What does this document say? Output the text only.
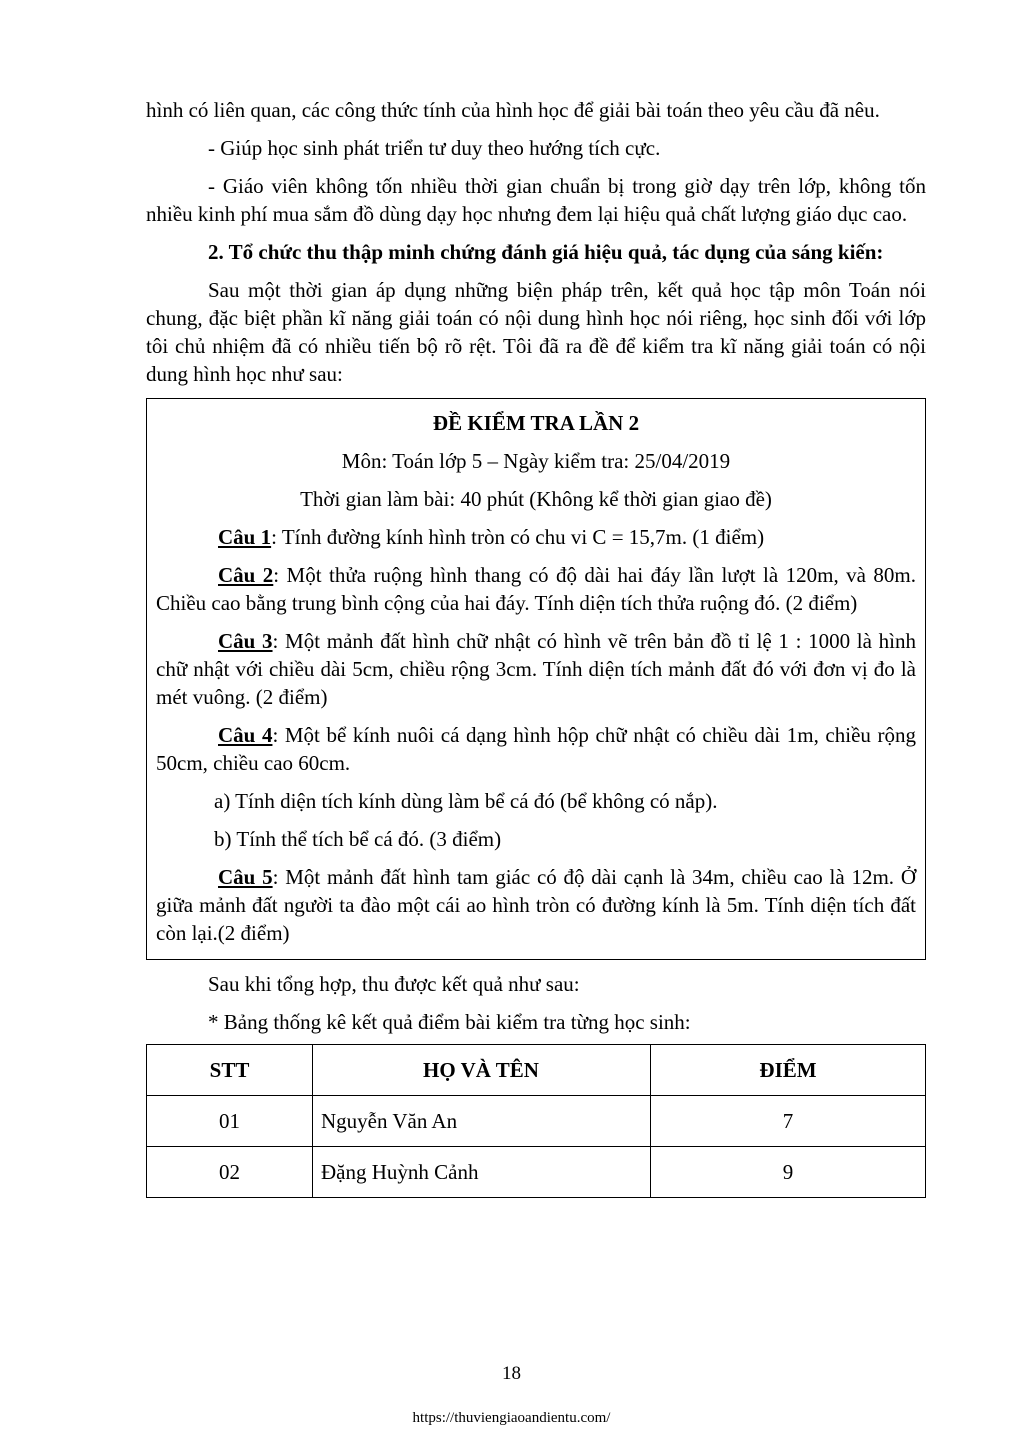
hình có liên quan, các công thức tính của hình học để giải bài toán theo yêu cầu đã nêu.

- Giúp học sinh phát triển tư duy theo hướng tích cực.

- Giáo viên không tốn nhiều thời gian chuẩn bị trong giờ dạy trên lớp, không tốn nhiều kinh phí mua sắm đồ dùng dạy học nhưng đem lại hiệu quả chất lượng giáo dục cao.

2. Tổ chức thu thập minh chứng đánh giá hiệu quả, tác dụng của sáng kiến:

Sau một thời gian áp dụng những biện pháp trên, kết quả học tập môn Toán nói chung, đặc biệt phần kĩ năng giải toán có nội dung hình học nói riêng, học sinh đối với lớp tôi chủ nhiệm đã có nhiều tiến bộ rõ rệt. Tôi đã ra đề để kiểm tra kĩ năng giải toán có nội dung hình học như sau:

ĐỀ KIỂM TRA LẦN 2

Môn: Toán lớp 5 – Ngày kiểm tra: 25/04/2019

Thời gian làm bài: 40 phút (Không kể thời gian giao đề)

Câu 1: Tính đường kính hình tròn có chu vi C = 15,7m. (1 điểm)

Câu 2: Một thửa ruộng hình thang có độ dài hai đáy lần lượt là 120m, và 80m. Chiều cao bằng trung bình cộng của hai đáy. Tính diện tích thửa ruộng đó. (2 điểm)

Câu 3: Một mảnh đất hình chữ nhật có hình vẽ trên bản đồ tỉ lệ 1 : 1000 là hình chữ nhật với chiều dài 5cm, chiều rộng 3cm. Tính diện tích mảnh đất đó với đơn vị đo là mét vuông. (2 điểm)

Câu 4: Một bể kính nuôi cá dạng hình hộp chữ nhật có chiều dài 1m, chiều rộng 50cm, chiều cao 60cm.

a) Tính diện tích kính dùng làm bể cá đó (bể không có nắp).

b) Tính thể tích bể cá đó. (3 điểm)

Câu 5: Một mảnh đất hình tam giác có độ dài cạnh là 34m, chiều cao là 12m. Ở giữa mảnh đất người ta đào một cái ao hình tròn có đường kính là 5m. Tính diện tích đất còn lại.(2 điểm)

Sau khi tổng hợp, thu được kết quả như sau:

* Bảng thống kê kết quả điểm bài kiểm tra từng học sinh:

STT	HỌ VÀ TÊN	ĐIỂM
01	Nguyễn Văn An	7
02	Đặng Huỳnh Cảnh	9
18
https://thuviengiaoandientu.com/
